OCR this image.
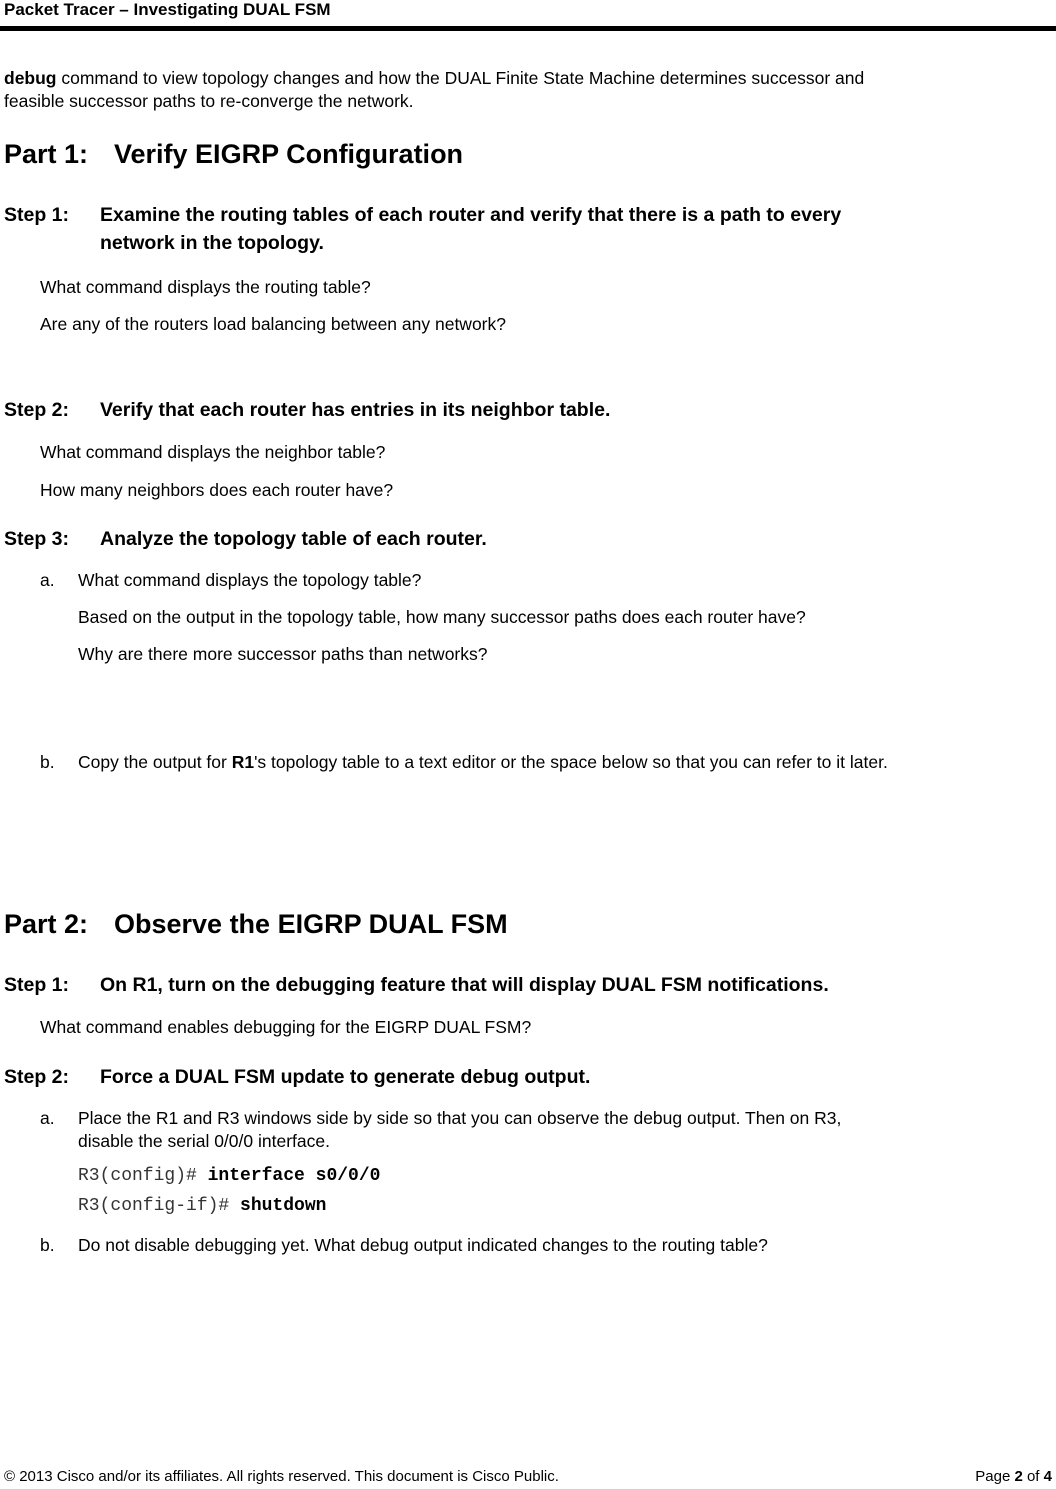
Packet Tracer – Investigating DUAL FSM
debug command to view topology changes and how the DUAL Finite State Machine determines successor and
feasible successor paths to re-converge the network.
Part 1: Verify EIGRP Configuration
Step 1: Examine the routing tables of each router and verify that there is a path to every
network in the topology.
What command displays the routing table?
Are any of the routers load balancing between any network?
Step 2: Verify that each router has entries in its neighbor table.
What command displays the neighbor table?
How many neighbors does each router have?
Step 3: Analyze the topology table of each router.
a. What command displays the topology table?
Based on the output in the topology table, how many successor paths does each router have?
Why are there more successor paths than networks?
b. Copy the output for R1's topology table to a text editor or the space below so that you can refer to it later.
Part 2: Observe the EIGRP DUAL FSM
Step 1: On R1, turn on the debugging feature that will display DUAL FSM notifications.
What command enables debugging for the EIGRP DUAL FSM?
Step 2: Force a DUAL FSM update to generate debug output.
a. Place the R1 and R3 windows side by side so that you can observe the debug output. Then on R3,
disable the serial 0/0/0 interface.
R3(config)# interface s0/0/0
R3(config-if)# shutdown
b. Do not disable debugging yet. What debug output indicated changes to the routing table?
© 2013 Cisco and/or its affiliates. All rights reserved. This document is Cisco Public.	Page 2 of 4
